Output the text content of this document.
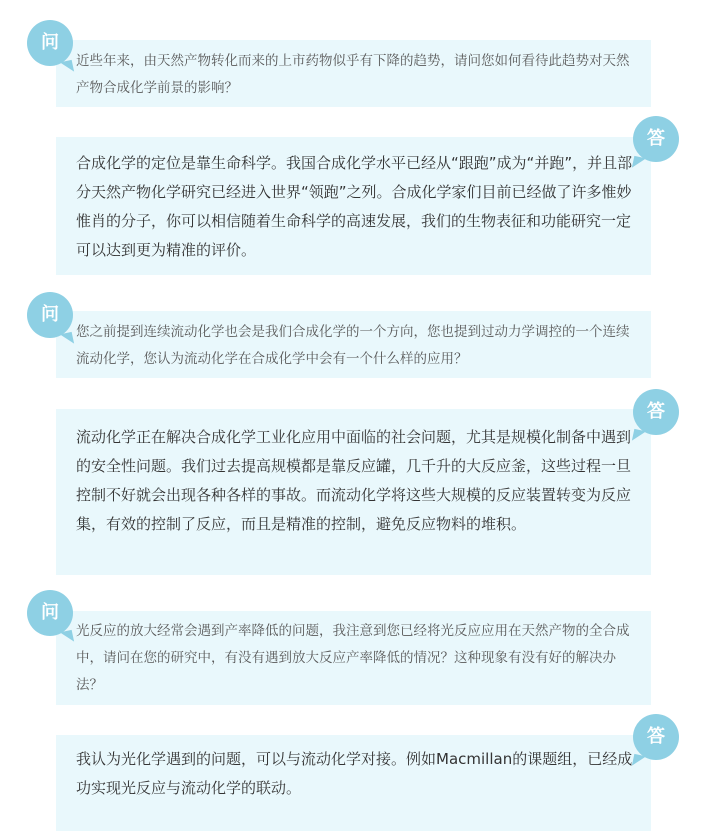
近些年来，由天然产物转化而来的上市药物似乎有下降的趋势，请问您如何看待此趋势对天然产物合成化学前景的影响？

问

合成化学的定位是靠生命科学。我国合成化学水平已经从“跟跑”成为“并跑”，并且部分天然产物化学研究已经进入世界“领跑”之列。合成化学家们目前已经做了许多惟妙惟肖的分子，你可以相信随着生命科学的高速发展，我们的生物表征和功能研究一定可以达到更为精准的评价。

答

您之前提到连续流动化学也会是我们合成化学的一个方向，您也提到过动力学调控的一个连续流动化学，您认为流动化学在合成化学中会有一个什么样的应用？

问

流动化学正在解决合成化学工业化应用中面临的社会问题，尤其是规模化制备中遇到的安全性问题。我们过去提高规模都是靠反应罐，几千升的大反应釜，这些过程一旦控制不好就会出现各种各样的事故。而流动化学将这些大规模的反应装置转变为反应集，有效的控制了反应，而且是精准的控制，避免反应物料的堆积。

答

光反应的放大经常会遇到产率降低的问题，我注意到您已经将光反应应用在天然产物的全合成中，请问在您的研究中，有没有遇到放大反应产率降低的情况？这种现象有没有好的解决办法？

问

我认为光化学遇到的问题，可以与流动化学对接。例如Macmillan的课题组，已经成功实现光反应与流动化学的联动。

答
